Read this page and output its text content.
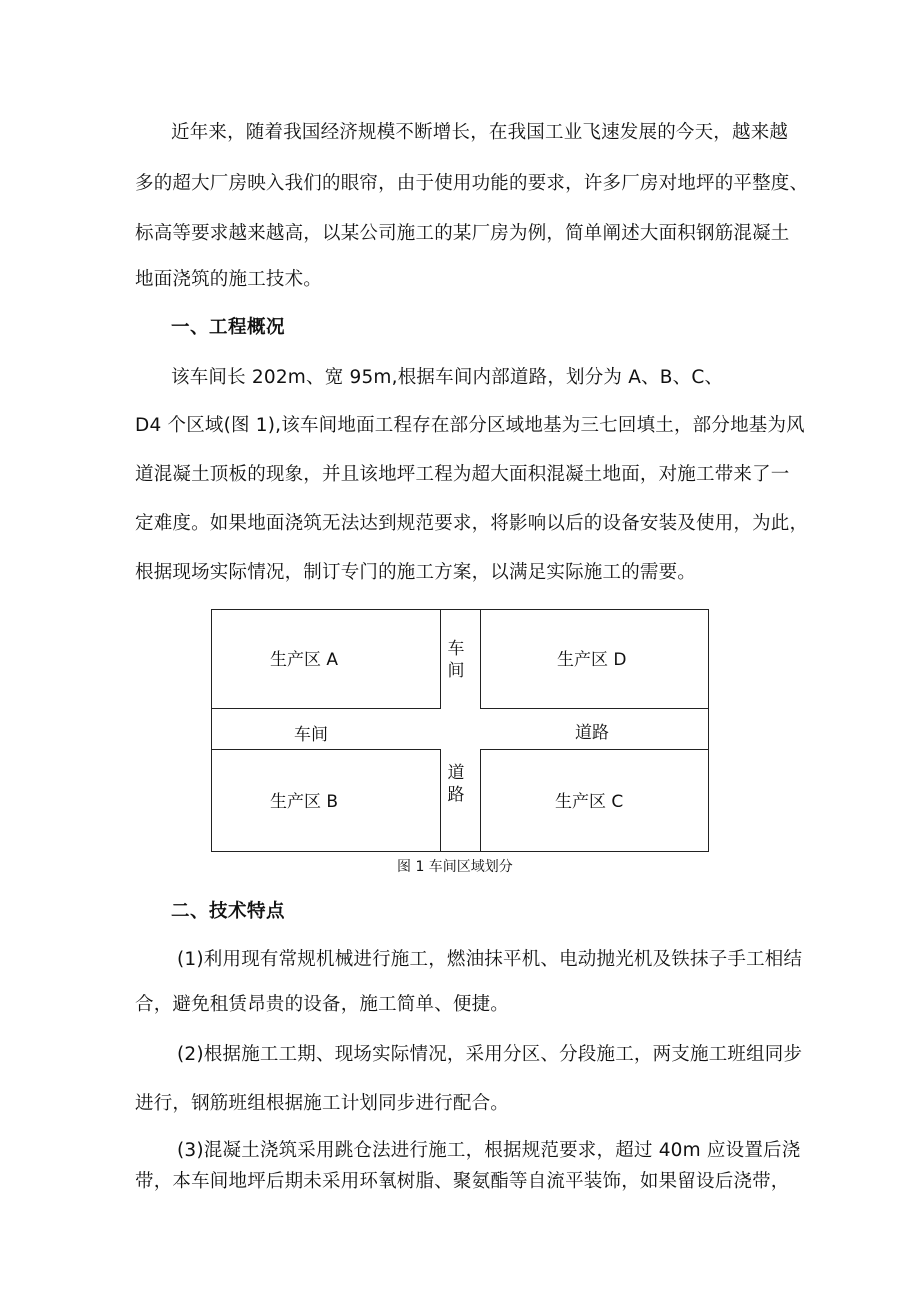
近年来，随着我国经济规模不断增长，在我国工业飞速发展的今天，越来越
多的超大厂房映入我们的眼帘，由于使用功能的要求，许多厂房对地坪的平整度、
标高等要求越来越高，以某公司施工的某厂房为例，简单阐述大面积钢筋混凝土
地面浇筑的施工技术。
一、工程概况
该车间长 202m、宽 95m,根据车间内部道路，划分为 A、B、C、
D4 个区域(图 1),该车间地面工程存在部分区域地基为三七回填土，部分地基为风
道混凝土顶板的现象，并且该地坪工程为超大面积混凝土地面，对施工带来了一
定难度。如果地面浇筑无法达到规范要求，将影响以后的设备安装及使用，为此，
根据现场实际情况，制订专门的施工方案，以满足实际施工的需要。
生产区 A	生产区 D
生产区 B	生产区 C
车间
道路
车间	道路
图 1 车间区域划分
二、技术特点
(1)利用现有常规机械进行施工，燃油抹平机、电动抛光机及铁抹子手工相结
合，避免租赁昂贵的设备，施工简单、便捷。
(2)根据施工工期、现场实际情况，采用分区、分段施工，两支施工班组同步
进行，钢筋班组根据施工计划同步进行配合。
(3)混凝土浇筑采用跳仓法进行施工，根据规范要求，超过 40m 应设置后浇
带，本车间地坪后期未采用环氧树脂、聚氨酯等自流平装饰，如果留设后浇带，
